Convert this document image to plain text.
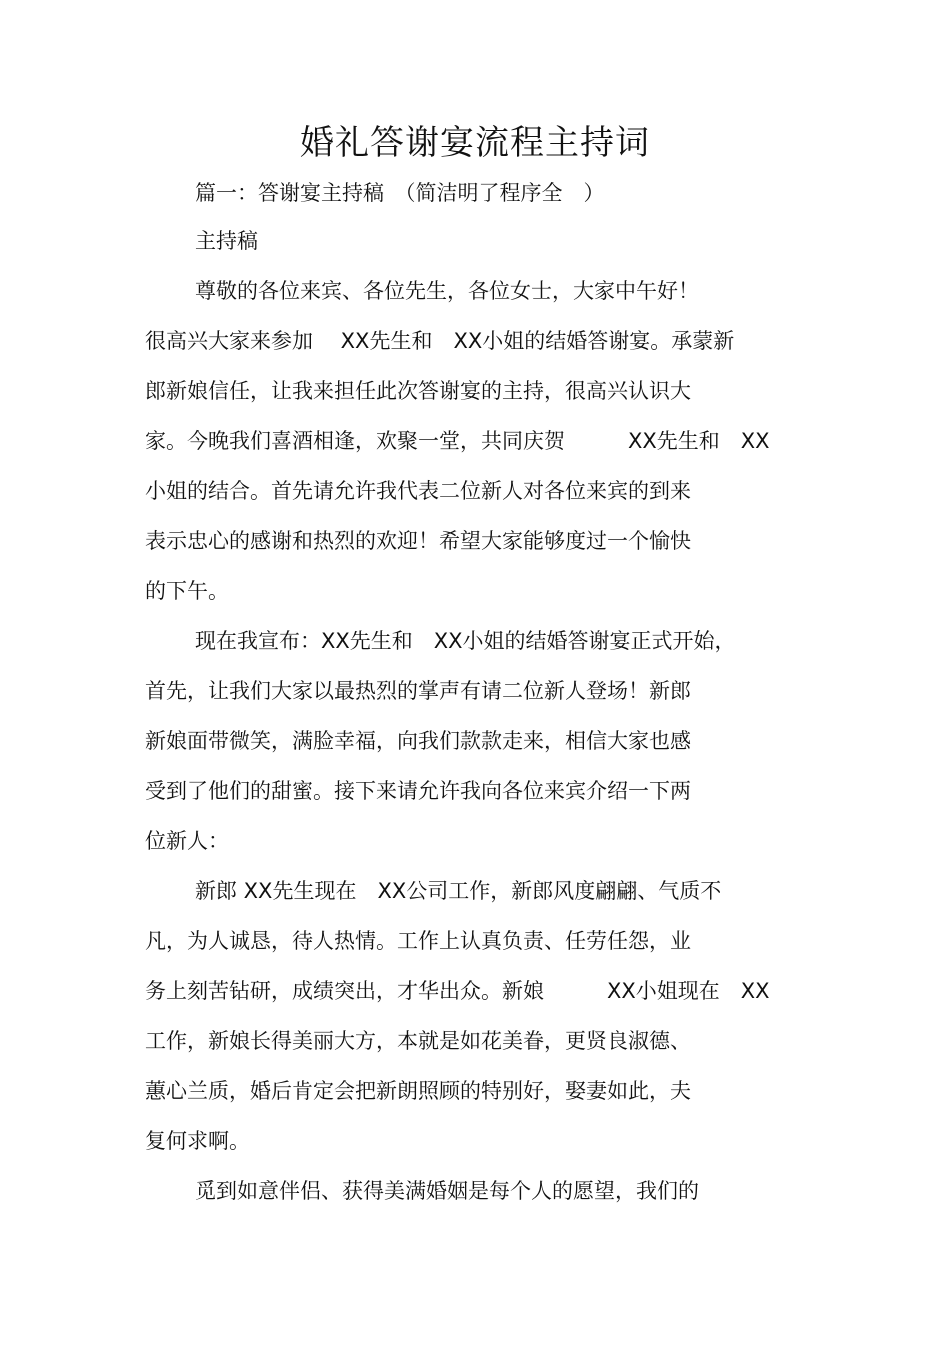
婚礼答谢宴流程主持词
篇一：答谢宴主持稿　（简洁明了程序全　）
主持稿
尊敬的各位来宾、各位先生，各位女士，大家中午好！
很高兴大家来参加　 XX先生和　XX小姐的结婚答谢宴。承蒙新
郎新娘信任，让我来担任此次答谢宴的主持，很高兴认识大
家。今晚我们喜酒相逢，欢聚一堂，共同庆贺　　　XX先生和　XX
小姐的结合。首先请允许我代表二位新人对各位来宾的到来
表示忠心的感谢和热烈的欢迎！希望大家能够度过一个愉快
的下午。
现在我宣布：XX先生和　XX小姐的结婚答谢宴正式开始，
首先，让我们大家以最热烈的掌声有请二位新人登场！新郎
新娘面带微笑，满脸幸福，向我们款款走来，相信大家也感
受到了他们的甜蜜。接下来请允许我向各位来宾介绍一下两
位新人：
新郎 XX先生现在　XX公司工作，新郎风度翩翩、气质不
凡，为人诚恳，待人热情。工作上认真负责、任劳任怨，业
务上刻苦钻研，成绩突出，才华出众。新娘　　　XX小姐现在　XX
工作，新娘长得美丽大方，本就是如花美眷，更贤良淑德、
蕙心兰质，婚后肯定会把新朗照顾的特别好，娶妻如此，夫
复何求啊。
觅到如意伴侣、获得美满婚姻是每个人的愿望，我们的
